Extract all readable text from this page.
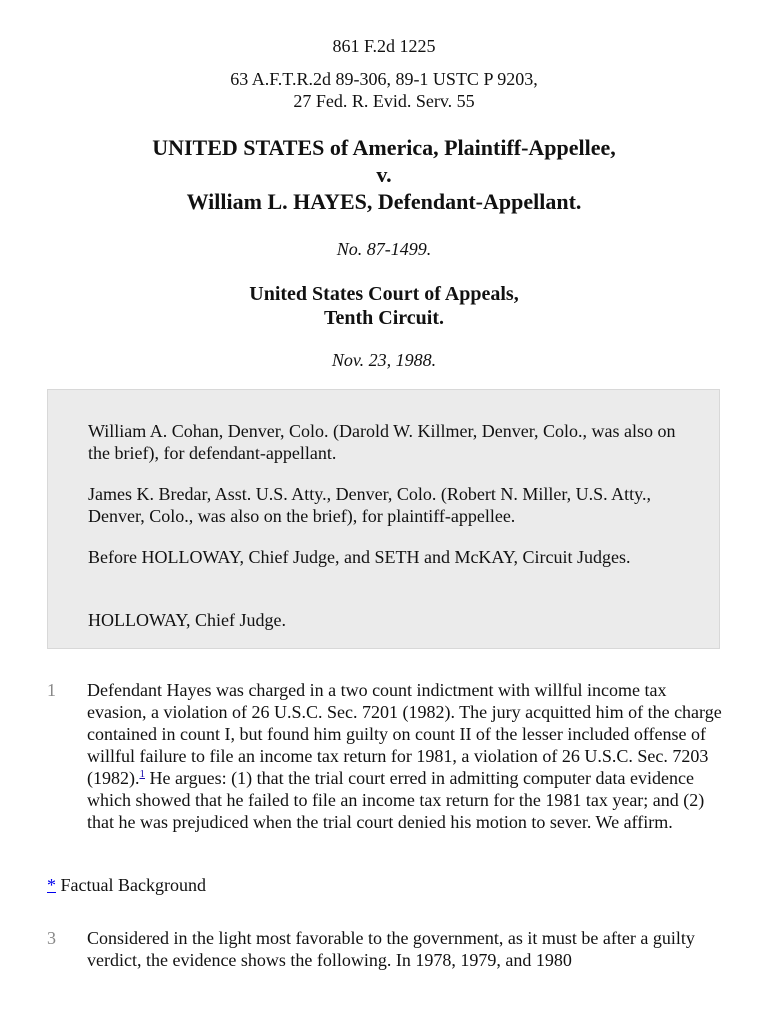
861 F.2d 1225
63 A.F.T.R.2d 89-306, 89-1 USTC P 9203,
27 Fed. R. Evid. Serv. 55
UNITED STATES of America, Plaintiff-Appellee,
v.
William L. HAYES, Defendant-Appellant.
No. 87-1499.
United States Court of Appeals,
Tenth Circuit.
Nov. 23, 1988.

William A. Cohan, Denver, Colo. (Darold W. Killmer, Denver, Colo., was also on the brief), for defendant-appellant.

James K. Bredar, Asst. U.S. Atty., Denver, Colo. (Robert N. Miller, U.S. Atty., Denver, Colo., was also on the brief), for plaintiff-appellee.

Before HOLLOWAY, Chief Judge, and SETH and McKAY, Circuit Judges.

HOLLOWAY, Chief Judge.

1 Defendant Hayes was charged in a two count indictment with willful income tax evasion, a violation of 26 U.S.C. Sec. 7201 (1982). The jury acquitted him of the charge contained in count I, but found him guilty on count II of the lesser included offense of willful failure to file an income tax return for 1981, a violation of 26 U.S.C. Sec. 7203 (1982).$^1$ He argues: (1) that the trial court erred in admitting computer data evidence which showed that he failed to file an income tax return for the 1981 tax year; and (2) that he was prejudiced when the trial court denied his motion to sever. We affirm.

* Factual Background
3 Considered in the light most favorable to the government, as it must be after a guilty verdict, the evidence shows the following. In 1978, 1979, and 1980
